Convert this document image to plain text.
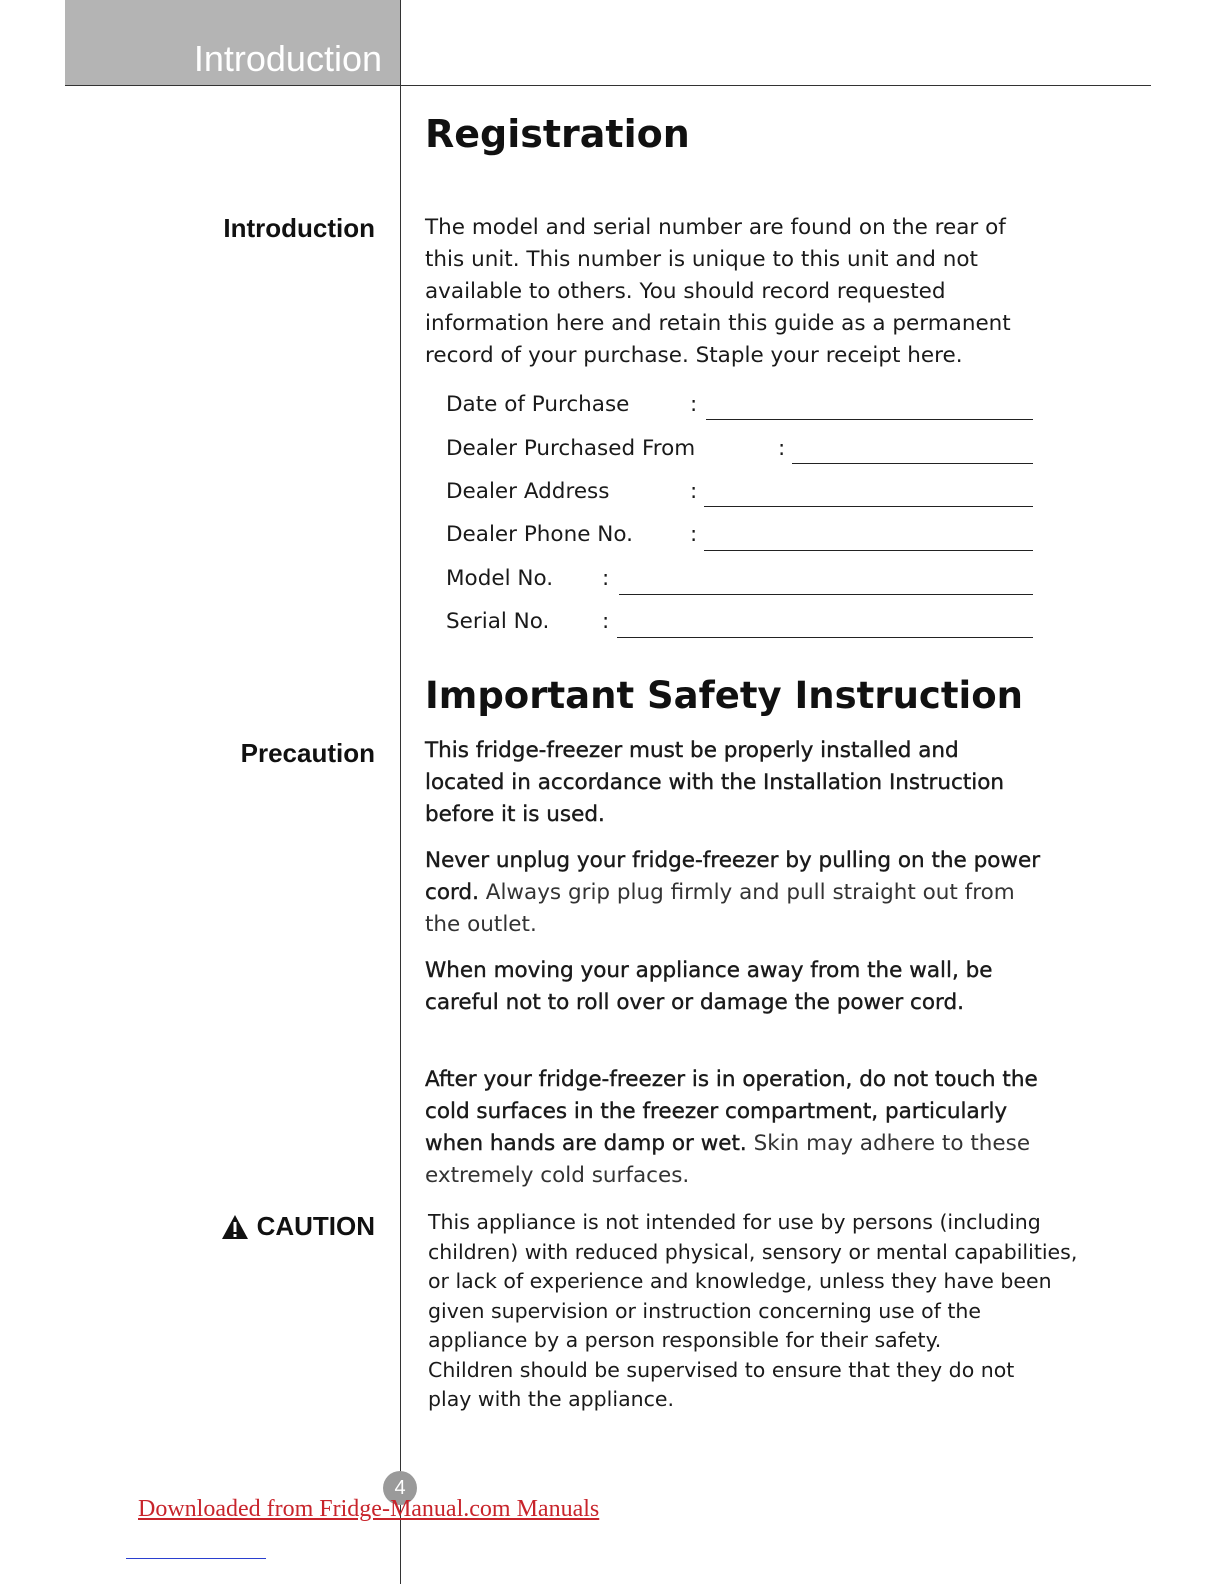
Introduction
Registration
Introduction The model and serial number are found on the rear of
this unit. This number is unique to this unit and not
available to others. You should record requested
information here and retain this guide as a permanent
record of your purchase. Staple your receipt here.

Date of Purchase	:
Dealer Purchased From	:
Dealer Address	:
Dealer Phone No.	:
Model No. :
Serial No. :
Important Safety Instruction
Precaution This fridge-freezer must be properly installed and located in accordance with the Installation Instruction before it is used.

Never unplug your fridge-freezer by pulling on the power cord. Always grip plug firmly and pull straight out from the outlet.

When moving your appliance away from the wall, be careful not to roll over or damage the power cord.

After your fridge-freezer is in operation, do not touch the cold surfaces in the freezer compartment, particularly when hands are damp or wet. Skin may adhere to these extremely cold surfaces.

CAUTION	This appliance is not intended for use by persons (including
children) with reduced physical, sensory or mental capabilities,
or lack of experience and knowledge, unless they have been
given supervision or instruction concerning use of the
appliance by a person responsible for their safety.
Children should be supervised to ensure that they do not
play with the appliance.

4
Downloaded from Fridge-Manual.com Manuals
